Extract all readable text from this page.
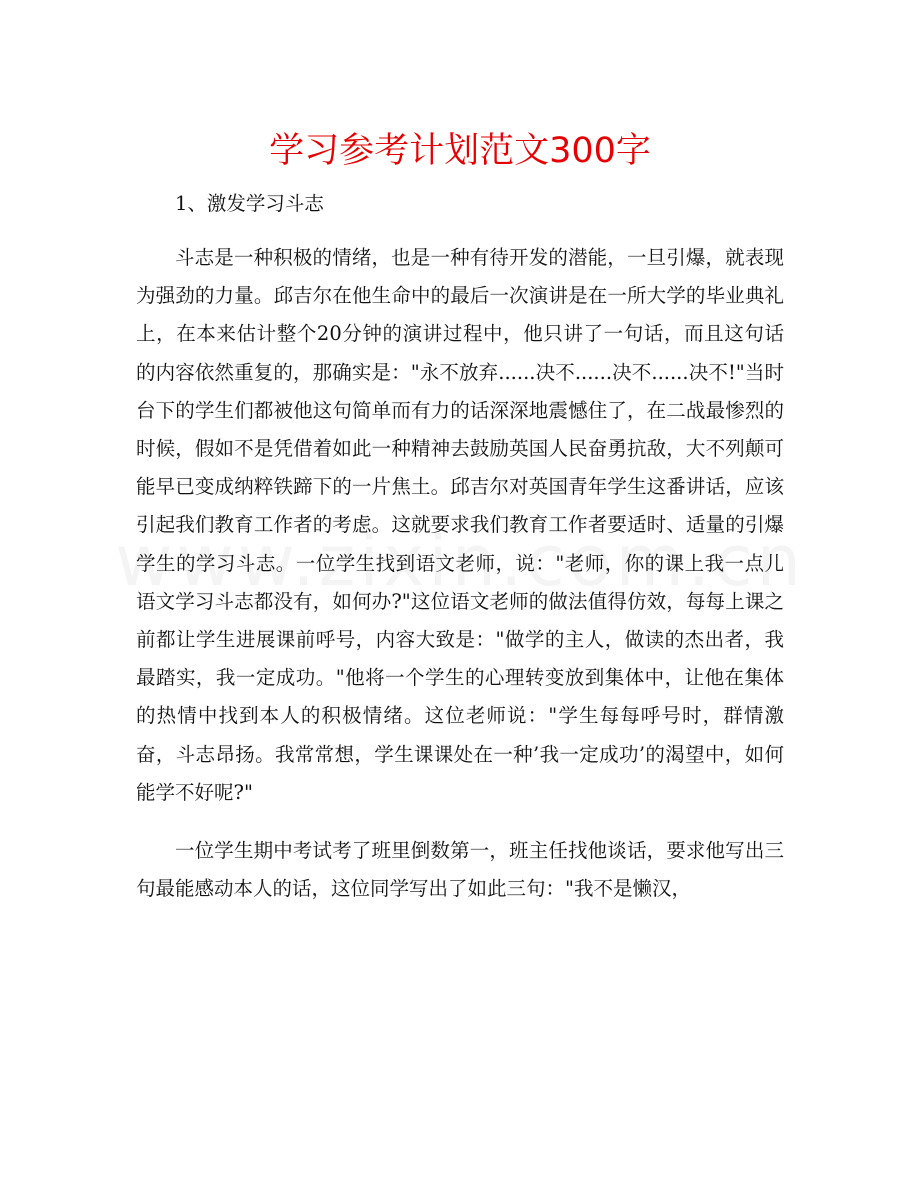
学习参考计划范文300字

1、激发学习斗志

斗志是一种积极的情绪，也是一种有待开发的潜能，一旦引爆，就表现为强劲的力量。邱吉尔在他生命中的最后一次演讲是在一所大学的毕业典礼上，在本来估计整个20分钟的演讲过程中，他只讲了一句话，而且这句话的内容依然重复的，那确实是："永不放弃......决不......决不......决不!"当时台下的学生们都被他这句简单而有力的话深深地震憾住了，在二战最惨烈的时候，假如不是凭借着如此一种精神去鼓励英国人民奋勇抗敌，大不列颠可能早已变成纳粹铁蹄下的一片焦土。邱吉尔对英国青年学生这番讲话，应该引起我们教育工作者的考虑。这就要求我们教育工作者要适时、适量的引爆学生的学习斗志。一位学生找到语文老师，说："老师，你的课上我一点儿语文学习斗志都没有，如何办?"这位语文老师的做法值得仿效，每每上课之前都让学生进展课前呼号，内容大致是："做学的主人，做读的杰出者，我最踏实，我一定成功。"他将一个学生的心理转变放到集体中，让他在集体的热情中找到本人的积极情绪。这位老师说："学生每每呼号时，群情激奋，斗志昂扬。我常常想，学生课课处在一种’我一定成功’的渴望中，如何能学不好呢?"

一位学生期中考试考了班里倒数第一，班主任找他谈话，要求他写出三句最能感动本人的话，这位同学写出了如此三句："我不是懒汉，
